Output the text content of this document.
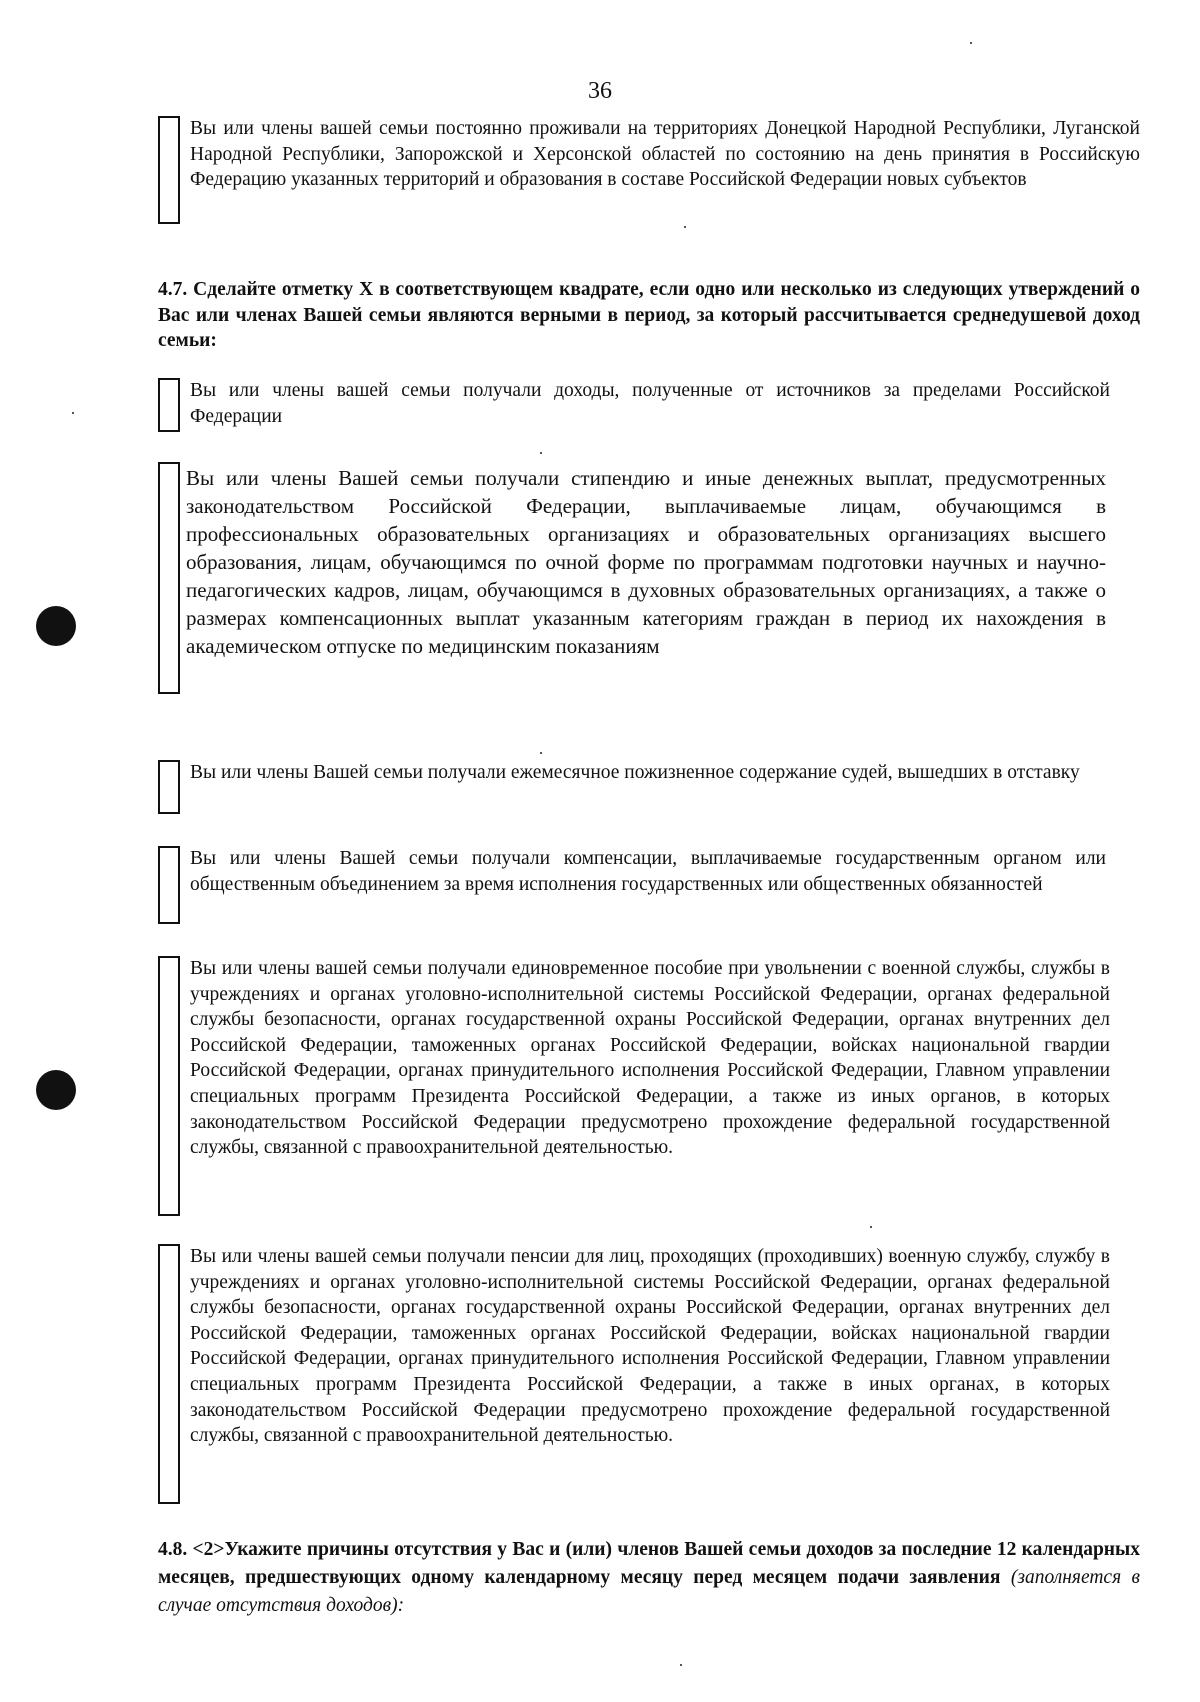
36
Вы или члены вашей семьи постоянно проживали на территориях Донецкой Народной Республики, Луганской Народной Республики, Запорожской и Херсонской областей по состоянию на день принятия в Российскую Федерацию указанных территорий и образования в составе Российской Федерации новых субъектов
4.7. Сделайте отметку X в соответствующем квадрате, если одно или несколько из следующих утверждений о Вас или членах Вашей семьи являются верными в период, за который рассчитывается среднедушевой доход семьи:
Вы или члены вашей семьи получали доходы, полученные от источников за пределами Российской Федерации
Вы или члены Вашей семьи получали стипендию и иные денежных выплат, предусмотренных законодательством Российской Федерации, выплачиваемые лицам, обучающимся в профессиональных образовательных организациях и образовательных организациях высшего образования, лицам, обучающимся по очной форме по программам подготовки научных и научно-педагогических кадров, лицам, обучающимся в духовных образовательных организациях, а также о размерах компенсационных выплат указанным категориям граждан в период их нахождения в академическом отпуске по медицинским показаниям
Вы или члены Вашей семьи получали ежемесячное пожизненное содержание судей, вышедших в отставку
Вы или члены Вашей семьи получали компенсации, выплачиваемые государственным органом или общественным объединением за время исполнения государственных или общественных обязанностей
Вы или члены вашей семьи получали единовременное пособие при увольнении с военной службы, службы в учреждениях и органах уголовно-исполнительной системы Российской Федерации, органах федеральной службы безопасности, органах государственной охраны Российской Федерации, органах внутренних дел Российской Федерации, таможенных органах Российской Федерации, войсках национальной гвардии Российской Федерации, органах принудительного исполнения Российской Федерации, Главном управлении специальных программ Президента Российской Федерации, а также из иных органов, в которых законодательством Российской Федерации предусмотрено прохождение федеральной государственной службы, связанной с правоохранительной деятельностью.
Вы или члены вашей семьи получали пенсии для лиц, проходящих (проходивших) военную службу, службу в учреждениях и органах уголовно-исполнительной системы Российской Федерации, органах федеральной службы безопасности, органах государственной охраны Российской Федерации, органах внутренних дел Российской Федерации, таможенных органах Российской Федерации, войсках национальной гвардии Российской Федерации, органах принудительного исполнения Российской Федерации, Главном управлении специальных программ Президента Российской Федерации, а также в иных органах, в которых законодательством Российской Федерации предусмотрено прохождение федеральной государственной службы, связанной с правоохранительной деятельностью.
4.8. <2>Укажите причины отсутствия у Вас и (или) членов Вашей семьи доходов за последние 12 календарных месяцев, предшествующих одному календарному месяцу перед месяцем подачи заявления (заполняется в случае отсутствия доходов):
